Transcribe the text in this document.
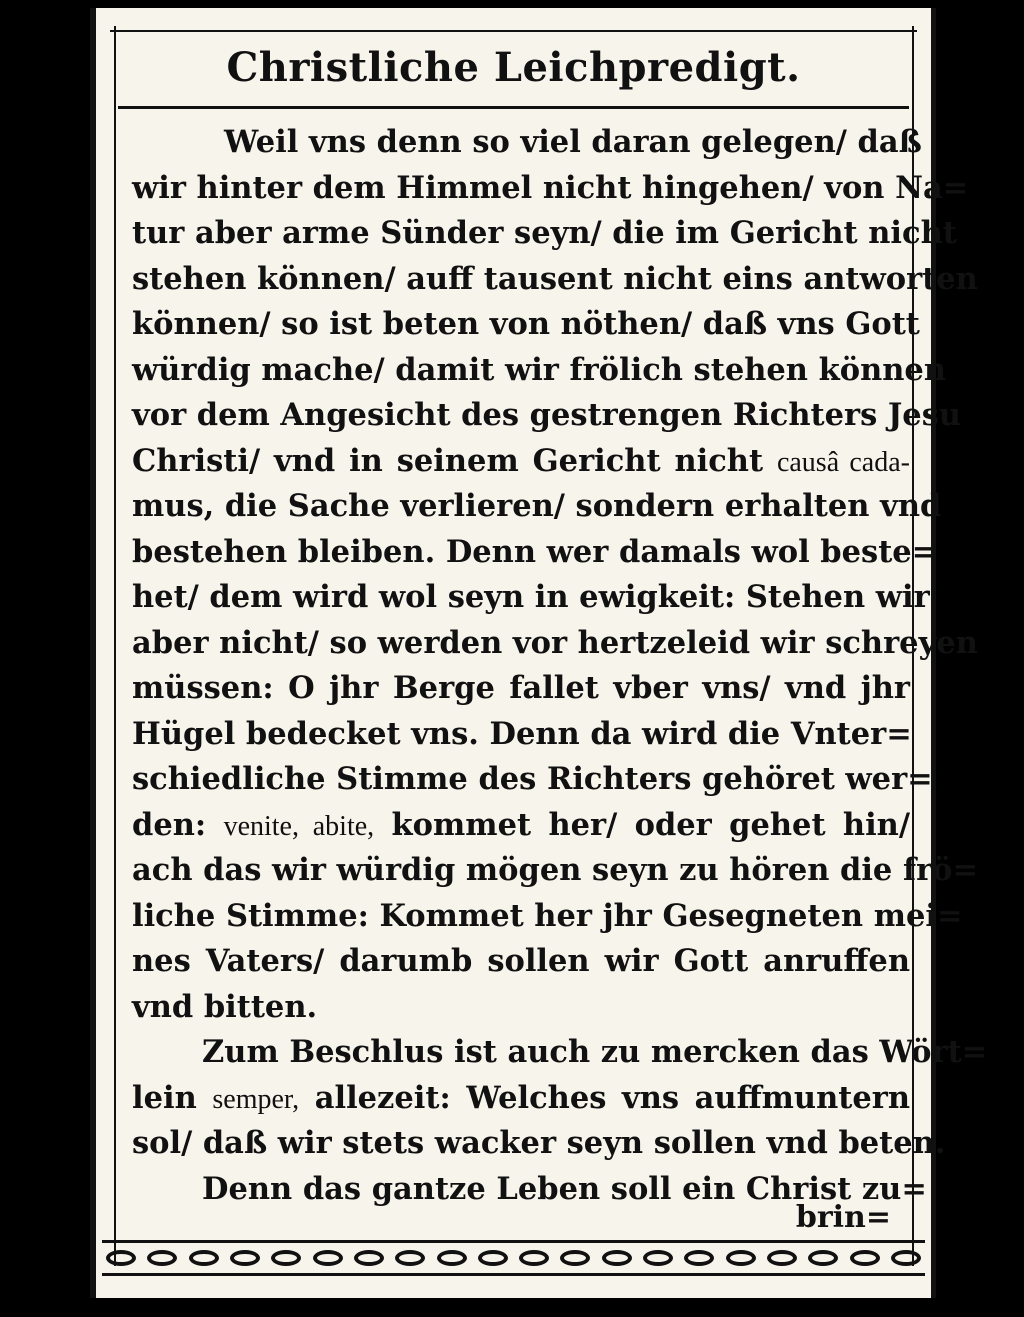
Christliche Leichpredigt.
Weil vns denn so viel daran gelegen/ daß
wir hinter dem Himmel nicht hingehen/ von Na=
tur aber arme Sünder seyn/ die im Gericht nicht
stehen können/ auff tausent nicht eins antworten
können/ so ist beten von nöthen/ daß vns Gott
würdig mache/ damit wir frölich stehen können
vor dem Angesicht des gestrengen Richters Jesu
Christi/ vnd in seinem Gericht nicht causâ cada-
mus, die Sache verlieren/ sondern erhalten vnd
bestehen bleiben. Denn wer damals wol beste=
het/ dem wird wol seyn in ewigkeit: Stehen wir
aber nicht/ so werden vor hertzeleid wir schreyen
müssen: O jhr Berge fallet vber vns/ vnd jhr
Hügel bedecket vns. Denn da wird die Vnter=
schiedliche Stimme des Richters gehöret wer=
den: venite, abite, kommet her/ oder gehet hin/
ach das wir würdig mögen seyn zu hören die frö=
liche Stimme: Kommet her jhr Gesegneten mei=
nes Vaters/ darumb sollen wir Gott anruffen
vnd bitten.
Zum Beschlus ist auch zu mercken das Wört=
lein semper, allezeit: Welches vns auffmuntern
sol/ daß wir stets wacker seyn sollen vnd beten.
Denn das gantze Leben soll ein Christ zu=
brin=
